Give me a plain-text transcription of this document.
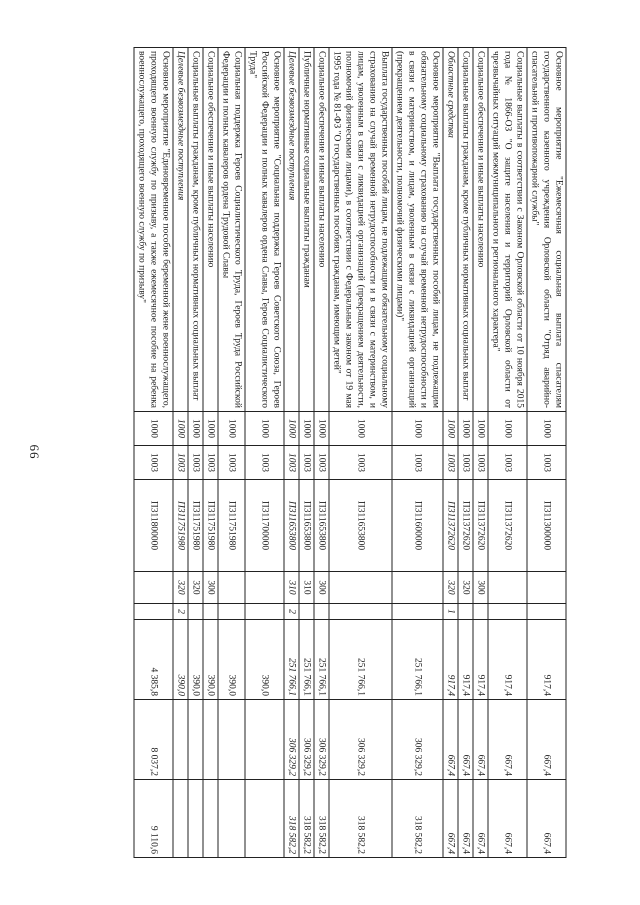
66
Основное мероприятие "Ежемесячная социальная выплата спасателям государственного казенного учреждения Орловской области "Отряд аварийно-спасательной и противопожарной службы"	1000	1003	П311300000			917,4	667,4	667,4
Социальные выплаты в соответствии с Законом Орловской области от 10 ноября 2015 года № 1866-ОЗ "О защите населения и территорий Орловской области от чрезвычайных ситуаций межмуниципального и регионального характера"	1000	1003	П311372620			917,4	667,4	667,4
Социальное обеспечение и иные выплаты населению	1000	1003	П311372620	300		917,4	667,4	667,4
Социальные выплаты гражданам, кроме публичных нормативных социальных выплат	1000	1003	П311372620	320		917,4	667,4	667,4
Областные средства	1000	1003	П311372620	320	1	917,4	667,4	667,4
Основное мероприятие "Выплата государственных пособий лицам, не подлежащим обязательному социальному страхованию на случай временной нетрудоспособности и в связи с материнством, и лицам, уволенным в связи с ликвидацией организаций (прекращением деятельности, полномочий физическими лицами)"	1000	1003	П311600000			251 766,1	306 329,2	318 582,2
Выплата государственных пособий лицам, не подлежащим обязательному социальному страхованию на случай временной нетрудоспособности и в связи с материнством, и лицам, уволенным в связи с ликвидацией организаций (прекращением деятельности, полномочий физическими лицами), в соответствии с Федеральным законом от 19 мая 1995 года № 81-ФЗ "О государственных пособиях гражданам, имеющим детей"	1000	1003	П311653800			251 766,1	306 329,2	318 582,2
Социальное обеспечение и иные выплаты населению	1000	1003	П311653800	300		251 766,1	306 329,2	318 582,2
Публичные нормативные социальные выплаты гражданам	1000	1003	П311653800	310		251 766,1	306 329,2	318 582,2
Целевые безвозмездные поступления	1000	1003	П311653800	310	2	251 766,1	306 329,2	318 582,2
Основное мероприятие "Социальная поддержка Героев Советского Союза, Героев Российской Федерации и полных кавалеров ордена Славы, Героев Социалистического Труда"	1000	1003	П311700000			390,0		
Социальная поддержка Героев Социалистического Труда, Героев Труда Российской Федерации и полных кавалеров ордена Трудовой Славы	1000	1003	П311751980			390,0		
Социальное обеспечение и иные выплаты населению	1000	1003	П311751980	300		390,0		
Социальные выплаты гражданам, кроме публичных нормативных социальных выплат	1000	1003	П311751980	320		390,0		
Целевые безвозмездные поступления	1000	1003	П311751980	320	2	390,0		
Основное мероприятие "Единовременное пособие беременной жене военнослужащего, проходящего военную службу по призыву, а также ежемесячное пособие на ребенка военнослужащего, проходящего военную службу по призыву"	1000	1003	П311800000			4 385,8	8 037,2	9 110,6
